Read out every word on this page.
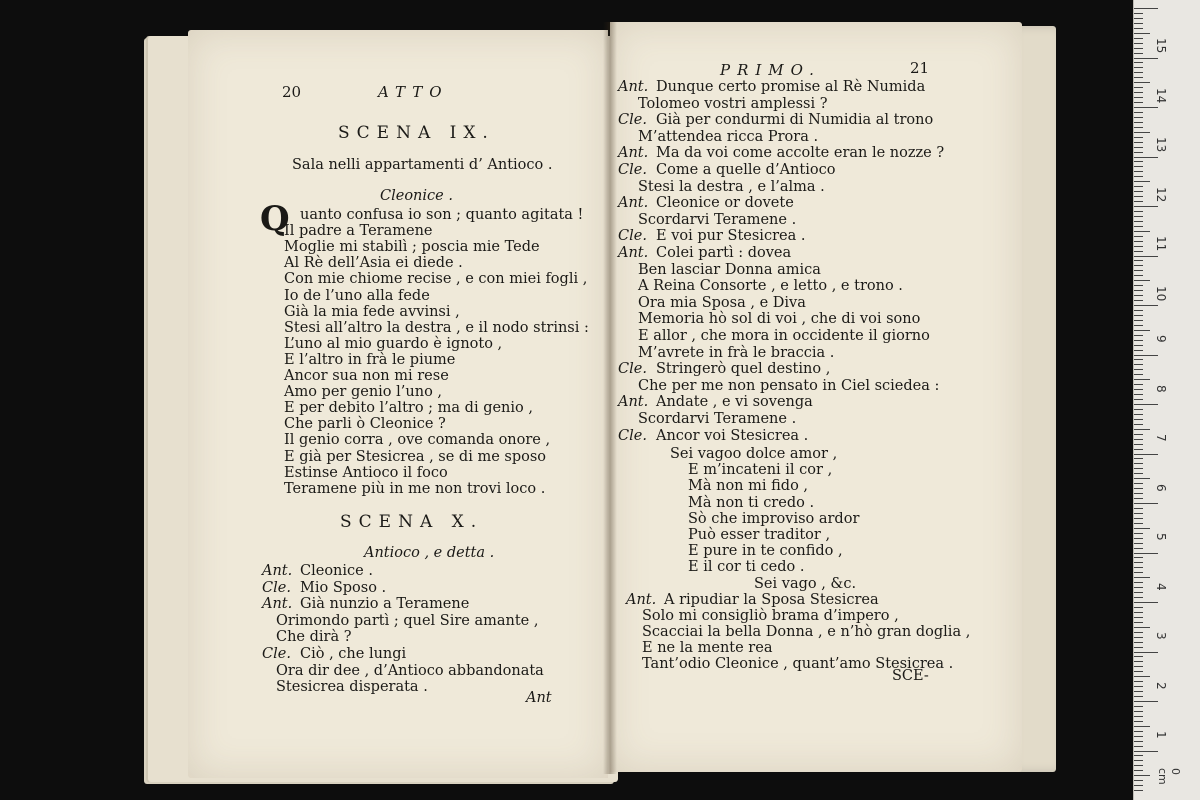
20	ATTO
SCENA IX.
Sala nelli appartamenti d’ Antioco .
Cleonice .
Q uanto confusa io son ; quanto agitata !
Il padre a Teramene
Moglie mi stabilì ; poscia mie Tede
Al Rè dell’Asia ei diede .
Con mie chiome recise , e con miei fogli ,
Io de l’uno alla fede
Già la mia fede avvinsi ,
Stesi all’altro la destra , e il nodo strinsi :
L’uno al mio guardo è ignoto ,
E l’altro in frà le piume
Ancor sua non mi rese
Amo per genio l’uno ,
E per debito l’altro ; ma di genio ,
Che parli ò Cleonice ?
Il genio corra , ove comanda onore ,
E già per Stesicrea , se di me sposo
Estinse Antioco il foco
Teramene più in me non trovi loco .
SCENA X.
Antioco , e detta .
Ant. Cleonice .
Cle. Mio Sposo .
Ant. Già nunzio a Teramene
Orimondo partì ; quel Sire amante ,
Che dirà ?
Cle. Ciò , che lungi
Ora dir dee , d’Antioco abbandonata
Stesicrea disperata .
Ant
PRIMO.	21
Ant. Dunque certo promise al Rè Numida
Tolomeo vostri amplessi ?
Cle. Già per condurmi di Numidia al trono
M’attendea ricca Prora .
Ant. Ma da voi come accolte eran le nozze ?
Cle. Come a quelle d’Antioco
Stesi la destra , e l’alma .
Ant. Cleonice or dovete
Scordarvi Teramene .
Cle. E voi pur Stesicrea .
Ant. Colei partì : dovea
Ben lasciar Donna amica
A Reina Consorte , e letto , e trono .
Ora mia Sposa , e Diva
Memoria hò sol di voi , che di voi sono
E allor , che mora in occidente il giorno
M’avrete in frà le braccia .
Cle. Stringerò quel destino ,
Che per me non pensato in Ciel sciedea :
Ant. Andate , e vi sovenga
Scordarvi Teramene .
Cle. Ancor voi Stesicrea .
Sei vagoo dolce amor ,
E m’incateni il cor ,
Mà non mi fido ,
Mà non ti credo .
Sò che improviso ardor
Può esser traditor ,
E pure in te confido ,
E il cor ti cedo .
Sei vago , &c.
Ant. A ripudiar la Sposa Stesicrea
Solo mi consigliò brama d’impero ,
Scacciai la bella Donna , e n’hò gran doglia ,
E ne la mente rea
Tant’odio Cleonice , quant’amo Stesicrea .
SCE-
0 cm
15
14
13
12
11
10
9
8
7
6
5
4
3
2
1
